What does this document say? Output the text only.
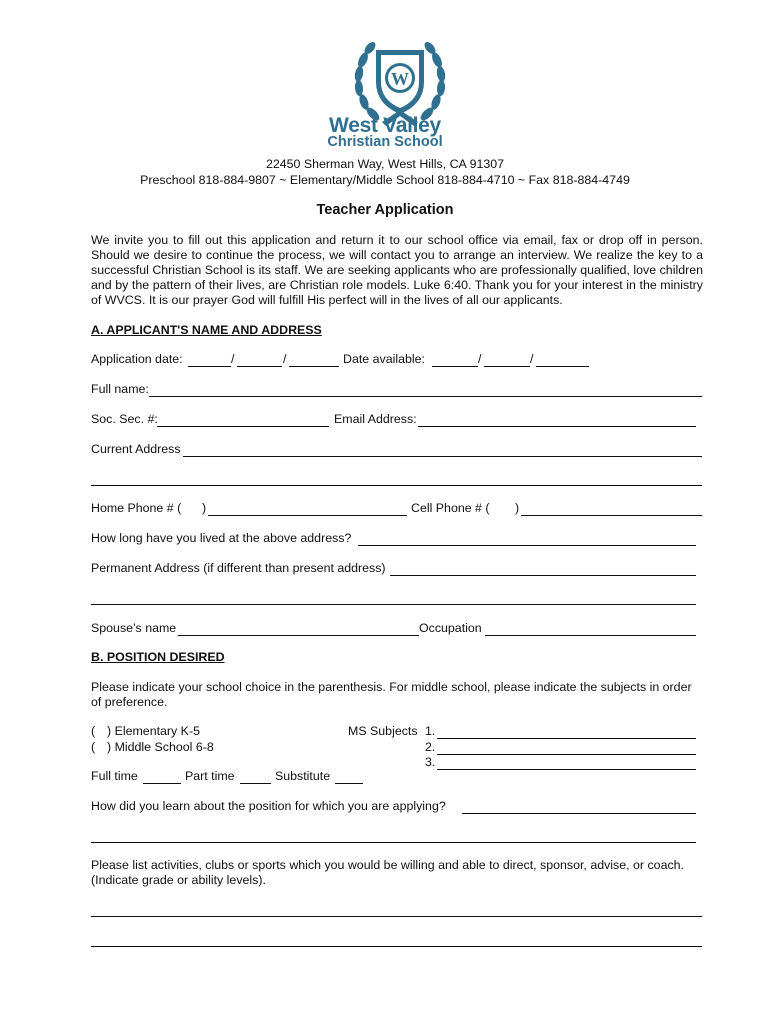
W
West Valley
Christian School
22450 Sherman Way, West Hills, CA 91307
Preschool 818-884-9807 ~ Elementary/Middle School 818-884-4710 ~ Fax 818-884-4749
Teacher Application
We invite you to fill out this application and return it to our school office via email, fax or drop off in person. Should we desire to continue the process, we will contact you to arrange an interview. We realize the key to a successful Christian School is its staff. We are seeking applicants who are professionally qualified, love children and by the pattern of their lives, are Christian role models. Luke 6:40. Thank you for your interest in the ministry of WVCS. It is our prayer God will fulfill His perfect will in the lives of all our applicants.
A. APPLICANT'S NAME AND ADDRESS
Application date:	/	/	Date available:	/	/
Full name:
Soc. Sec. #:	Email Address:
Current Address
Home Phone # ( )	Cell Phone # ( )
How long have you lived at the above address?
Permanent Address (if different than present address)
Spouse’s name	Occupation
B. POSITION DESIRED
Please indicate your school choice in the parenthesis. For middle school, please indicate the subjects in order of preference.
( ) Elementary K-5
( ) Middle School 6-8
MS Subjects 1.
2.
3.
Full time	Part time	Substitute
How did you learn about the position for which you are applying?
Please list activities, clubs or sports which you would be willing and able to direct, sponsor, advise, or coach. (Indicate grade or ability levels).
